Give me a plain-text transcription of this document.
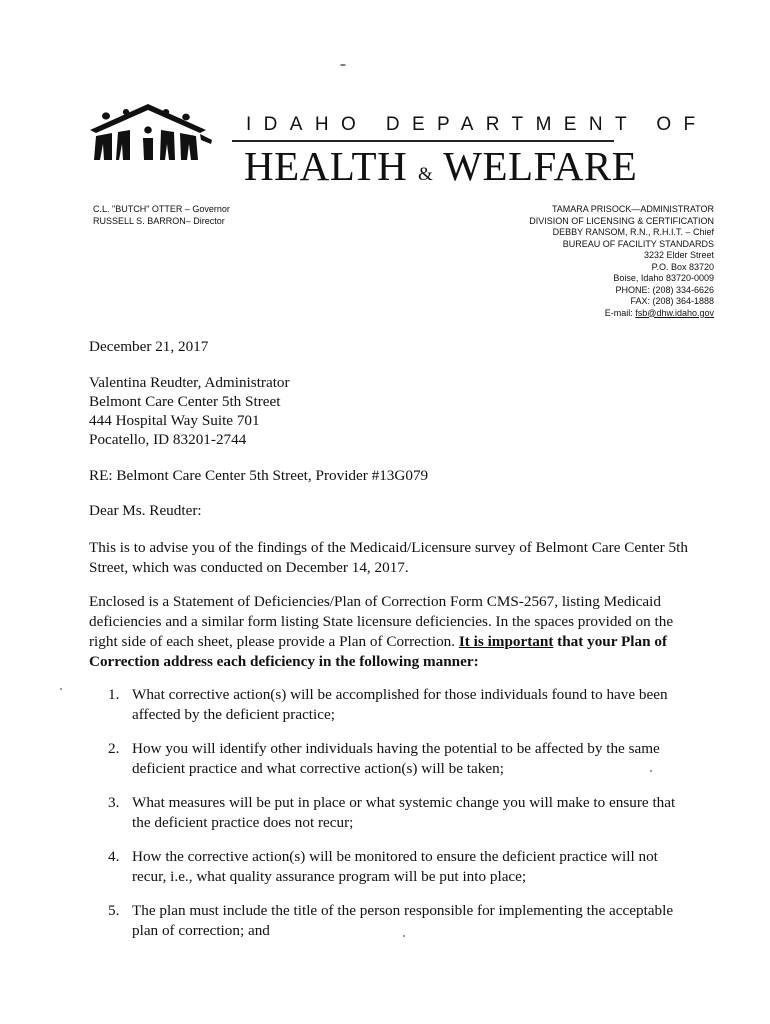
IDAHO DEPARTMENT OF
HEALTH & WELFARE
C.L. "BUTCH" OTTER – Governor
RUSSELL S. BARRON– Director
TAMARA PRISOCK—ADMINISTRATOR
DIVISION OF LICENSING & CERTIFICATION
DEBBY RANSOM, R.N., R.H.I.T. – Chief
BUREAU OF FACILITY STANDARDS
3232 Elder Street
P.O. Box 83720
Boise, Idaho 83720-0009
PHONE: (208) 334-6626
FAX: (208) 364-1888
E-mail: fsb@dhw.idaho.gov
December 21, 2017
Valentina Reudter, Administrator
Belmont Care Center 5th Street
444 Hospital Way Suite 701
Pocatello, ID 83201-2744
RE: Belmont Care Center 5th Street, Provider #13G079
Dear Ms. Reudter:
This is to advise you of the findings of the Medicaid/Licensure survey of Belmont Care Center 5th Street, which was conducted on December 14, 2017.
Enclosed is a Statement of Deficiencies/Plan of Correction Form CMS-2567, listing Medicaid deficiencies and a similar form listing State licensure deficiencies. In the spaces provided on the right side of each sheet, please provide a Plan of Correction. It is important that your Plan of Correction address each deficiency in the following manner:
1. What corrective action(s) will be accomplished for those individuals found to have been affected by the deficient practice;
2. How you will identify other individuals having the potential to be affected by the same deficient practice and what corrective action(s) will be taken;
3. What measures will be put in place or what systemic change you will make to ensure that the deficient practice does not recur;
4. How the corrective action(s) will be monitored to ensure the deficient practice will not recur, i.e., what quality assurance program will be put into place;
5. The plan must include the title of the person responsible for implementing the acceptable plan of correction; and
